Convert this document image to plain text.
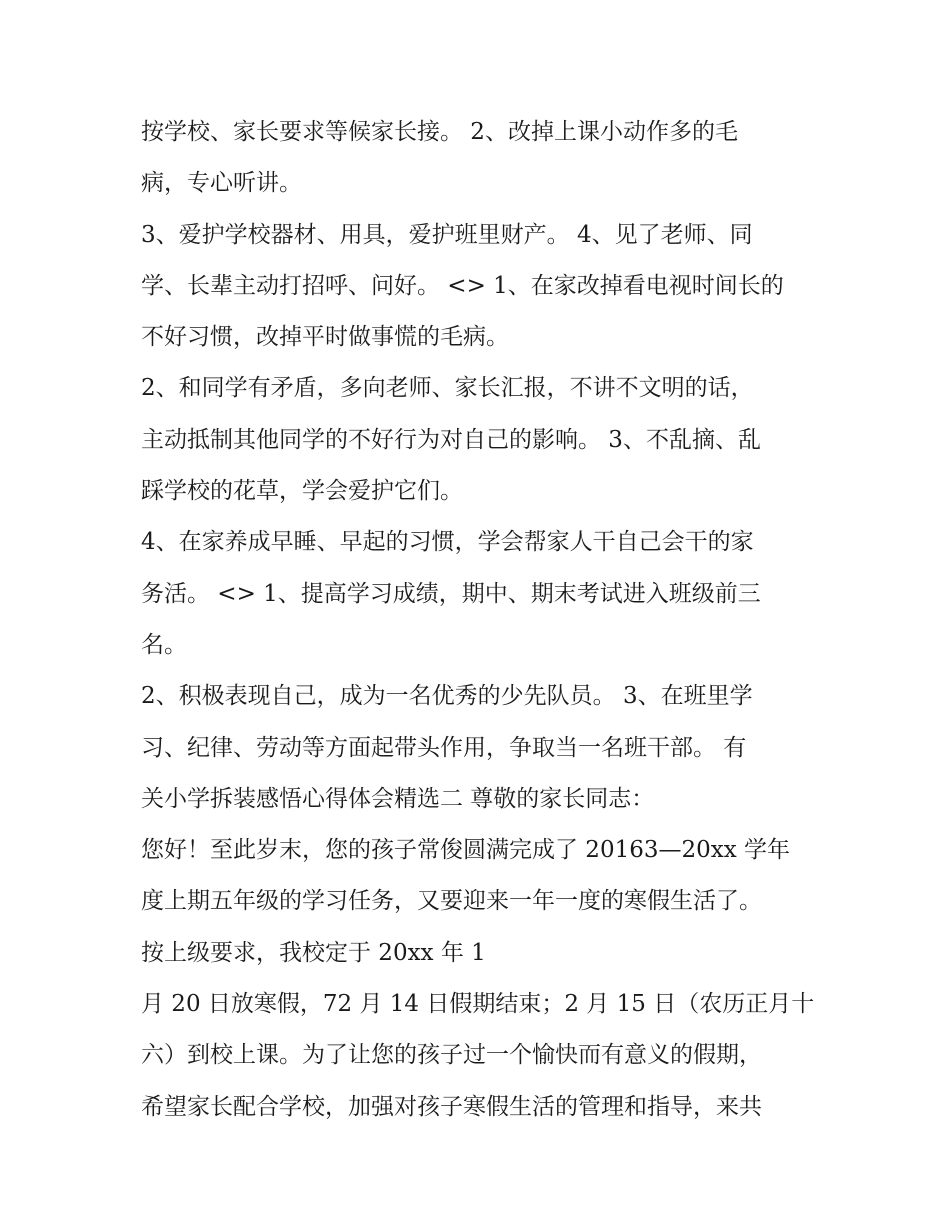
按学校、家长要求等候家长接。 2、改掉上课小动作多的毛
病，专心听讲。
3、爱护学校器材、用具，爱护班里财产。 4、见了老师、同
学、长辈主动打招呼、问好。 <> 1、在家改掉看电视时间长的
不好习惯，改掉平时做事慌的毛病。
2、和同学有矛盾，多向老师、家长汇报，不讲不文明的话，
主动抵制其他同学的不好行为对自己的影响。 3、不乱摘、乱
踩学校的花草，学会爱护它们。
4、在家养成早睡、早起的习惯，学会帮家人干自己会干的家
务活。 <> 1、提高学习成绩，期中、期末考试进入班级前三
名。
2、积极表现自己，成为一名优秀的少先队员。 3、在班里学
习、纪律、劳动等方面起带头作用，争取当一名班干部。 有
关小学拆装感悟心得体会精选二 尊敬的家长同志：
您好！至此岁末，您的孩子常俊圆满完成了 20163—20xx 学年
度上期五年级的学习任务，又要迎来一年一度的寒假生活了。
按上级要求，我校定于 20xx 年 1
月 20 日放寒假，72 月 14 日假期结束；2 月 15 日（农历正月十
六）到校上课。为了让您的孩子过一个愉快而有意义的假期，
希望家长配合学校，加强对孩子寒假生活的管理和指导，来共
